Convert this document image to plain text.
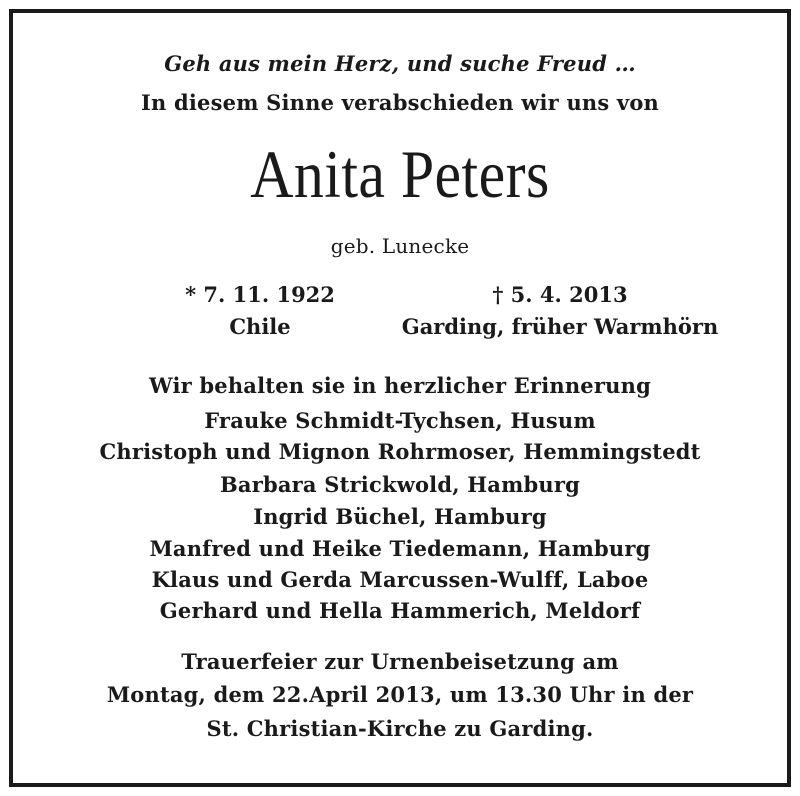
Geh aus mein Herz, und suche Freud …
In diesem Sinne verabschieden wir uns von
Anita Peters
geb. Lunecke
* 7. 11. 1922
Chile
† 5. 4. 2013
Garding, früher Warmhörn
Wir behalten sie in herzlicher Erinnerung
Frauke Schmidt-Tychsen, Husum
Christoph und Mignon Rohrmoser, Hemmingstedt
Barbara Strickwold, Hamburg
Ingrid Büchel, Hamburg
Manfred und Heike Tiedemann, Hamburg
Klaus und Gerda Marcussen-Wulff, Laboe
Gerhard und Hella Hammerich, Meldorf
Trauerfeier zur Urnenbeisetzung am
Montag, dem 22.April 2013, um 13.30 Uhr in der
St. Christian-Kirche zu Garding.
